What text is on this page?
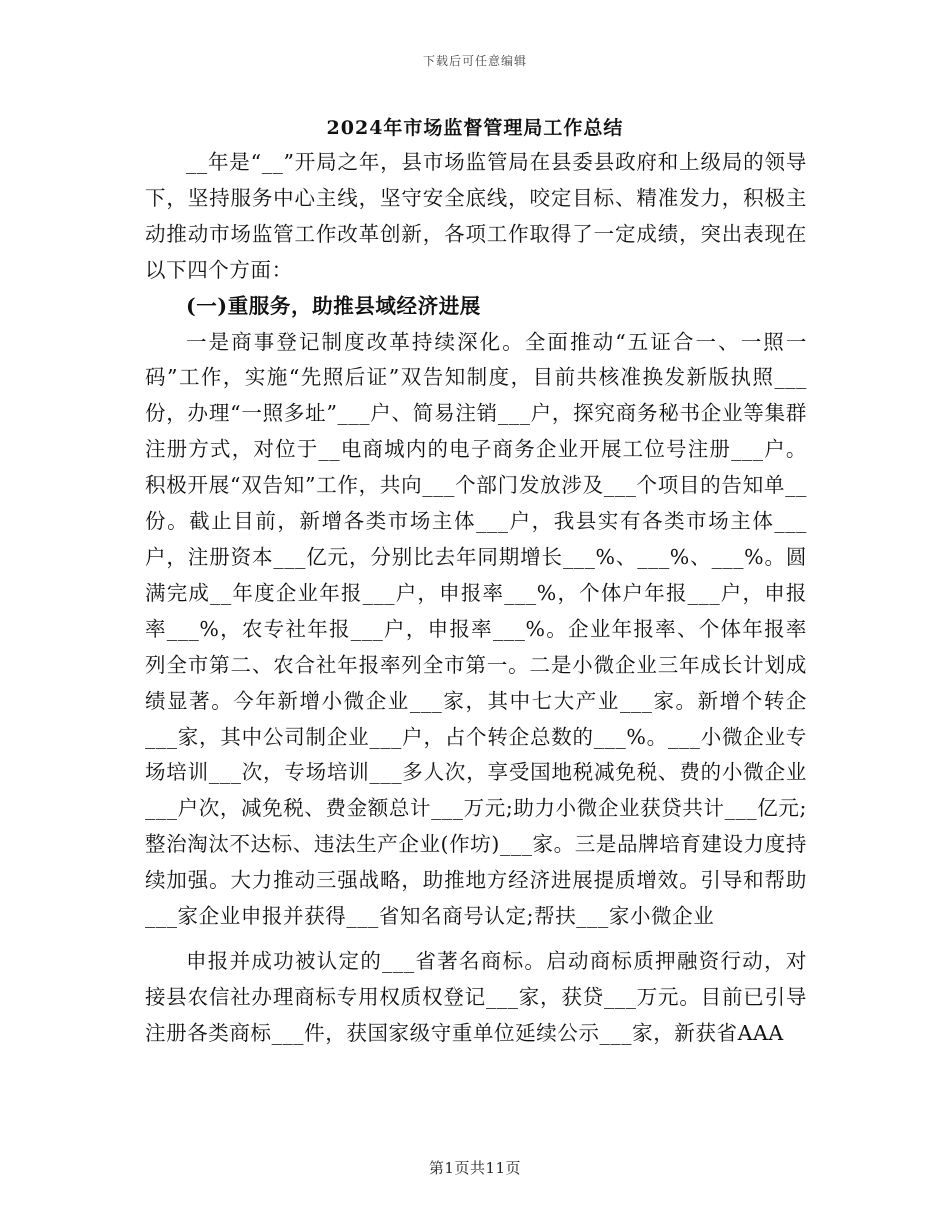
下载后可任意编辑
2024年市场监督管理局工作总结

__年是“__”开局之年，县市场监管局在县委县政府和上级局的领导下，坚持服务中心主线，坚守安全底线，咬定目标、精准发力，积极主动推动市场监管工作改革创新，各项工作取得了一定成绩，突出表现在以下四个方面：

(一)重服务，助推县域经济进展

一是商事登记制度改革持续深化。全面推动“五证合一、一照一码”工作，实施“先照后证”双告知制度，目前共核准换发新版执照___份，办理“一照多址”___户、简易注销___户，探究商务秘书企业等集群注册方式，对位于__电商城内的电子商务企业开展工位号注册___户。积极开展“双告知”工作，共向___个部门发放涉及___个项目的告知单__份。截止目前，新增各类市场主体___户，我县实有各类市场主体___户，注册资本___亿元，分别比去年同期增长___%、___%、___%。圆满完成__年度企业年报___户，申报率___%，个体户年报___户，申报率___%，农专社年报___户，申报率___%。企业年报率、个体年报率列全市第二、农合社年报率列全市第一。二是小微企业三年成长计划成绩显著。今年新增小微企业___家，其中七大产业___家。新增个转企___家，其中公司制企业___户，占个转企总数的___%。___小微企业专场培训___次，专场培训___多人次，享受国地税减免税、费的小微企业___户次，减免税、费金额总计___万元;助力小微企业获贷共计___亿元;整治淘汰不达标、违法生产企业(作坊)___家。三是品牌培育建设力度持续加强。大力推动三强战略，助推地方经济进展提质增效。引导和帮助___家企业申报并获得___省知名商号认定;帮扶___家小微企业

申报并成功被认定的___省著名商标。启动商标质押融资行动，对接县农信社办理商标专用权质权登记___家，获贷___万元。目前已引导注册各类商标___件，获国家级守重单位延续公示___家，新获省AAA

第1页共11页
